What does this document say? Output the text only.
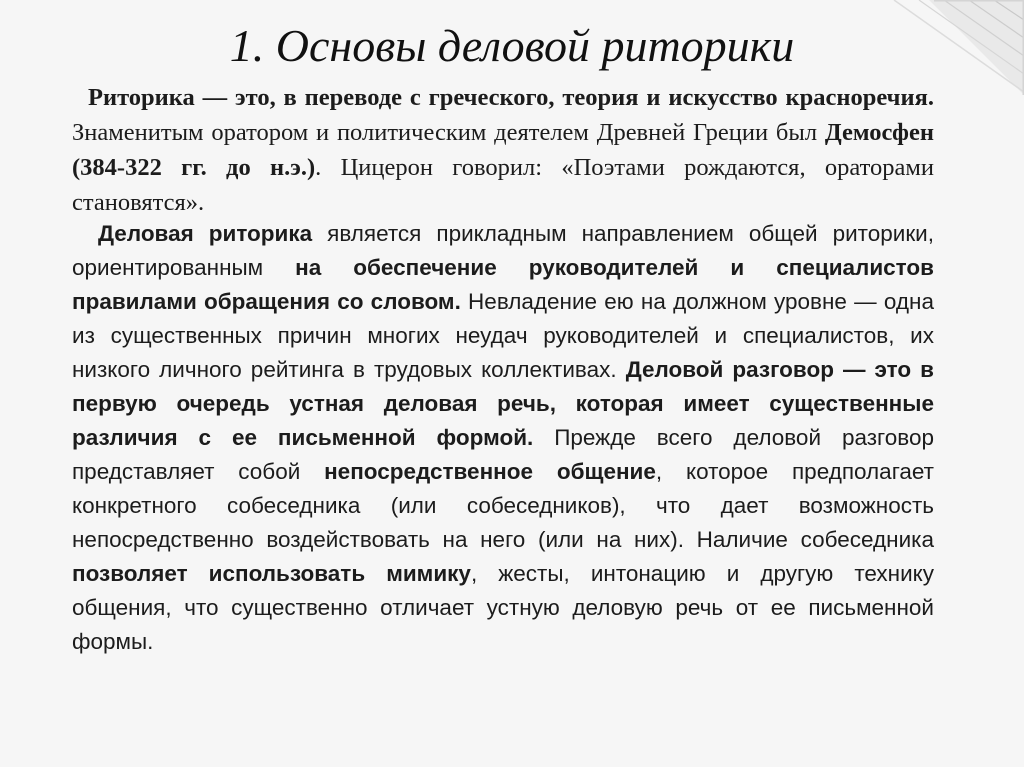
1. Основы деловой риторики

Риторика — это, в переводе с греческого, теория и искусство красноречия. Знаменитым оратором и политическим деятелем Древней Греции был Демосфен (384-322 гг. до н.э.). Цицерон говорил: «Поэтами рождаются, ораторами становятся».

Деловая риторика является прикладным направлением общей риторики, ориентированным на обеспечение руководителей и специалистов правилами обращения со словом. Невладение ею на должном уровне — одна из существенных причин многих неудач руководителей и специалистов, их низкого личного рейтинга в трудовых коллективах. Деловой разговор — это в первую очередь устная деловая речь, которая имеет существенные различия с ее письменной формой. Прежде всего деловой разговор представляет собой непосредственное общение, которое предполагает конкретного собеседника (или собеседников), что дает возможность непосредственно воздействовать на него (или на них). Наличие собеседника позволяет использовать мимику, жесты, интонацию и другую технику общения, что существенно отличает устную деловую речь от ее письменной формы.
